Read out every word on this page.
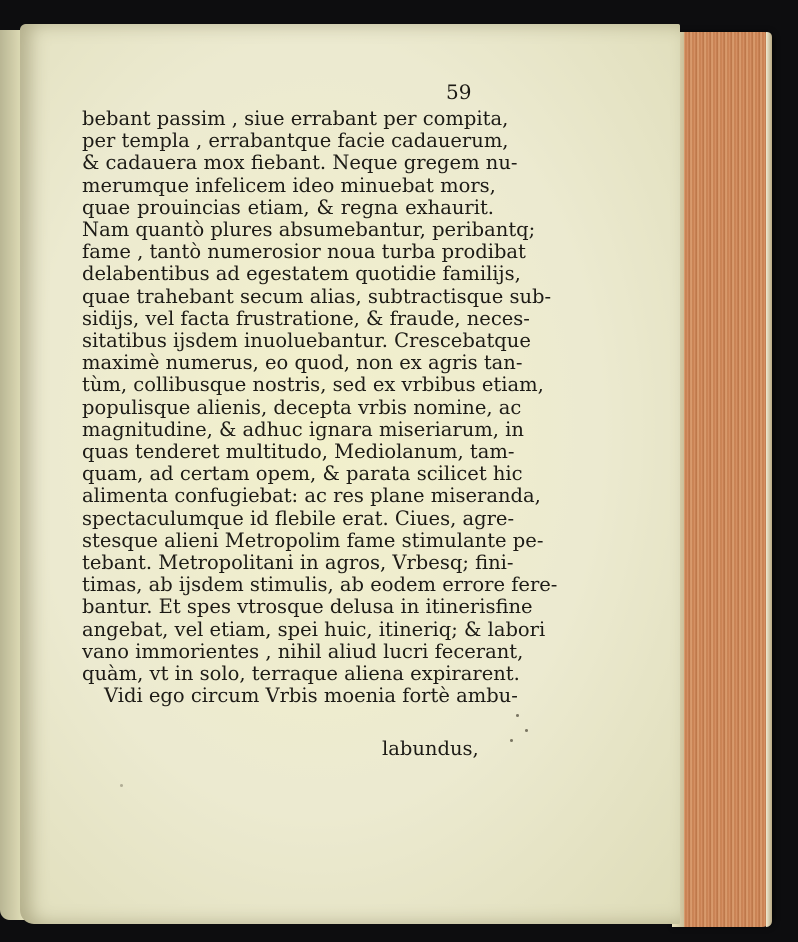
59
bebant passim , siue errabant per compita,
per templa , errabantque facie cadauerum,
& cadauera mox fiebant. Neque gregem nu-
merumque infelicem ideo minuebat mors,
quae prouincias etiam, & regna exhaurit.
Nam quantò plures absumebantur, peribantq;
fame , tantò numerosior noua turba prodibat
delabentibus ad egestatem quotidie familijs,
quae trahebant secum alias, subtractisque sub-
sidijs, vel facta frustratione, & fraude, neces-
sitatibus ijsdem inuoluebantur. Crescebatque
maximè numerus, eo quod, non ex agris tan-
tùm, collibusque nostris, sed ex vrbibus etiam,
populisque alienis, decepta vrbis nomine, ac
magnitudine, & adhuc ignara miseriarum, in
quas tenderet multitudo, Mediolanum, tam-
quam, ad certam opem, & parata scilicet hic
alimenta confugiebat: ac res plane miseranda,
spectaculumque id flebile erat. Ciues, agre-
stesque alieni Metropolim fame stimulante pe-
tebant. Metropolitani in agros, Vrbesq; fini-
timas, ab ijsdem stimulis, ab eodem errore fere-
bantur. Et spes vtrosque delusa in itinerisfine
angebat, vel etiam, spei huic, itineriq; & labori
vano immorientes , nihil aliud lucri fecerant,
quàm, vt in solo, terraque aliena expirarent.
Vidi ego circum Vrbis moenia fortè ambu-
labundus,
